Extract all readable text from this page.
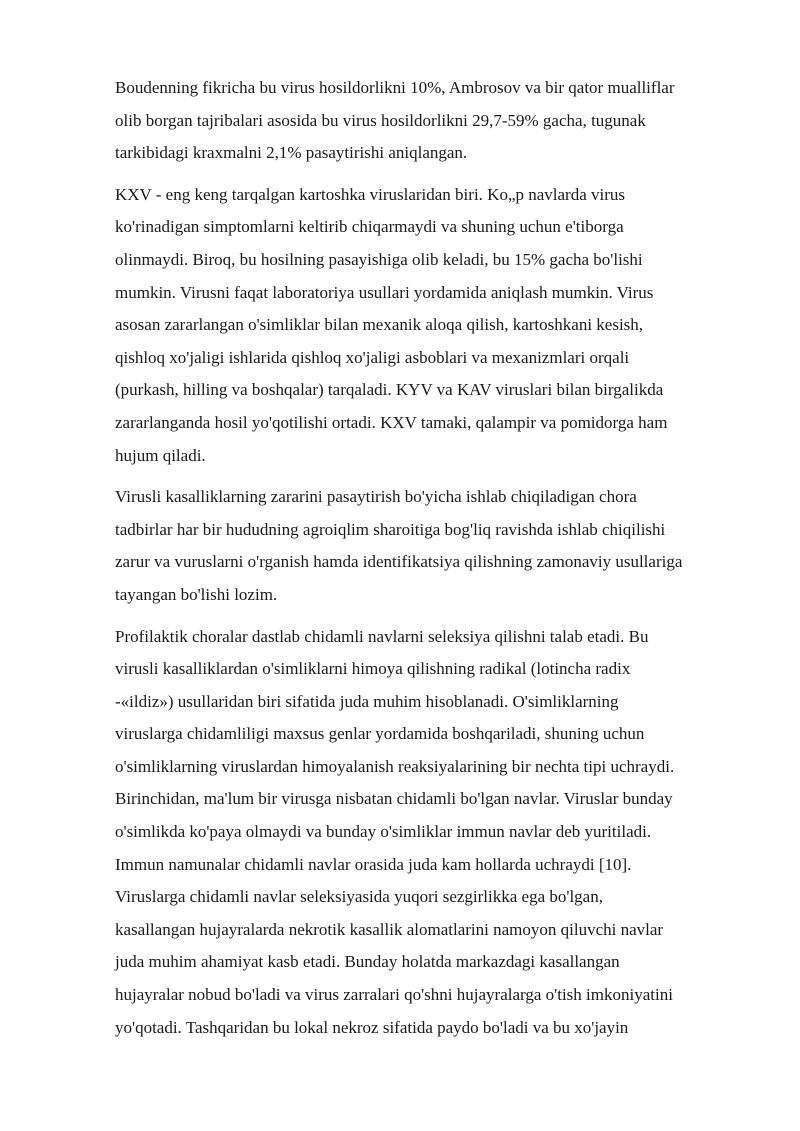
Boudenning fikricha bu virus hosildorlikni 10%, Ambrosov va bir qator mualliflar
olib borgan tajribalari asosida bu virus hosildorlikni 29,7-59% gacha, tugunak
tarkibidagi kraxmalni 2,1% pasaytirishi aniqlangan.

KXV - eng keng tarqalgan kartoshka viruslaridan biri. Ko„p navlarda virus
ko'rinadigan simptomlarni keltirib chiqarmaydi va shuning uchun e'tiborga
olinmaydi. Biroq, bu hosilning pasayishiga olib keladi, bu 15% gacha bo'lishi
mumkin. Virusni faqat laboratoriya usullari yordamida aniqlash mumkin. Virus
asosan zararlangan o'simliklar bilan mexanik aloqa qilish, kartoshkani kesish,
qishloq xo'jaligi ishlarida qishloq xo'jaligi asboblari va mexanizmlari orqali
(purkash, hilling va boshqalar) tarqaladi. KYV va KAV viruslari bilan birgalikda
zararlanganda hosil yo'qotilishi ortadi. KXV tamaki, qalampir va pomidorga ham
hujum qiladi.

Virusli kasalliklarning zararini pasaytirish bo'yicha ishlab chiqiladigan chora
tadbirlar har bir hududning agroiqlim sharoitiga bog'liq ravishda ishlab chiqilishi
zarur va vuruslarni o'rganish hamda identifikatsiya qilishning zamonaviy usullariga
tayangan bo'lishi lozim.

Profilaktik choralar dastlab chidamli navlarni seleksiya qilishni talab etadi. Bu
virusli kasalliklardan o'simliklarni himoya qilishning radikal (lotincha radix
-«ildiz») usullaridan biri sifatida juda muhim hisoblanadi. O'simliklarning
viruslarga chidamliligi maxsus genlar yordamida boshqariladi, shuning uchun
o'simliklarning viruslardan himoyalanish reaksiyalarining bir nechta tipi uchraydi.
Birinchidan, ma'lum bir virusga nisbatan chidamli bo'lgan navlar. Viruslar bunday
o'simlikda ko'paya olmaydi va bunday o'simliklar immun navlar deb yuritiladi.
Immun namunalar chidamli navlar orasida juda kam hollarda uchraydi [10].
Viruslarga chidamli navlar seleksiyasida yuqori sezgirlikka ega bo'lgan,
kasallangan hujayralarda nekrotik kasallik alomatlarini namoyon qiluvchi navlar
juda muhim ahamiyat kasb etadi. Bunday holatda markazdagi kasallangan
hujayralar nobud bo'ladi va virus zarralari qo'shni hujayralarga o'tish imkoniyatini
yo'qotadi. Tashqaridan bu lokal nekroz sifatida paydo bo'ladi va bu xo'jayin
